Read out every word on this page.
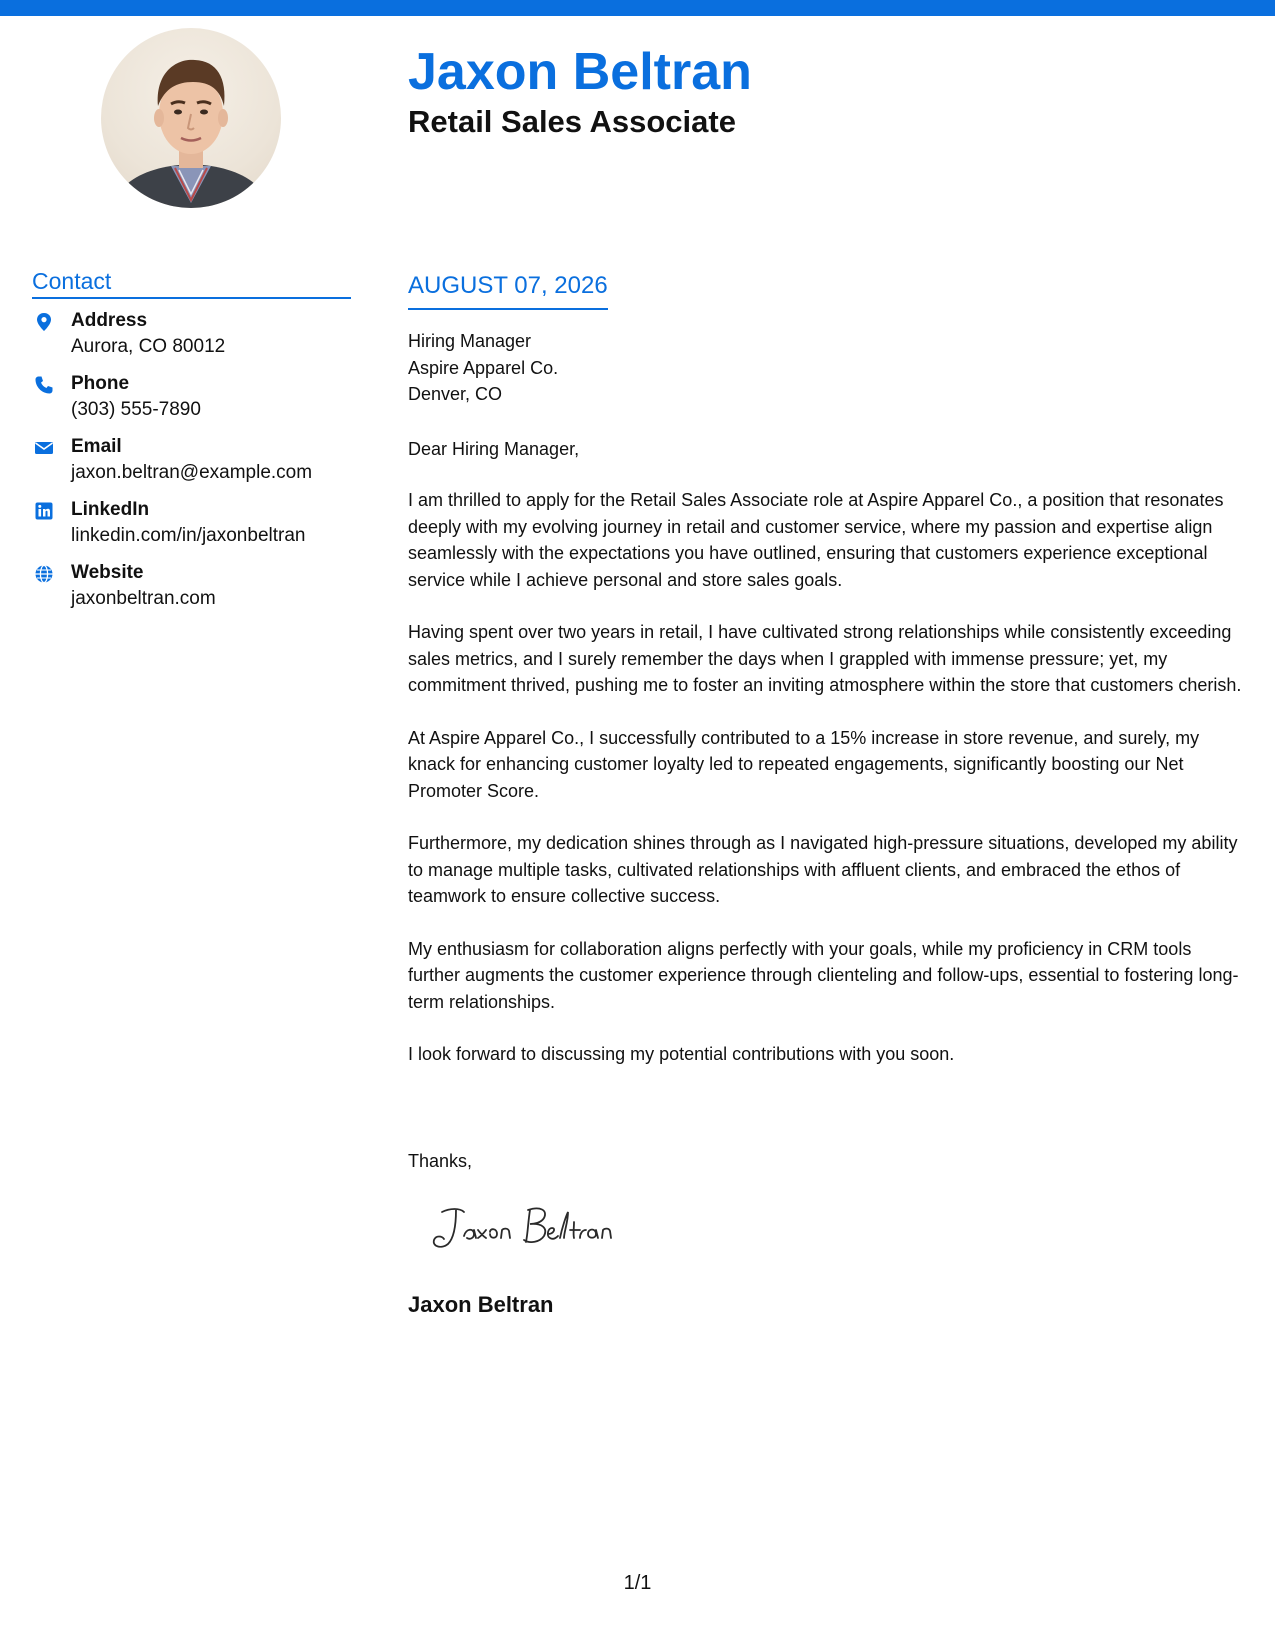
Jaxon Beltran
Retail Sales Associate
Contact
Address
Aurora, CO 80012
Phone
(303) 555-7890
Email
jaxon.beltran@example.com
LinkedIn
linkedin.com/in/jaxonbeltran
Website
jaxonbeltran.com
AUGUST 07, 2026
Hiring Manager
Aspire Apparel Co.
Denver, CO
Dear Hiring Manager,

I am thrilled to apply for the Retail Sales Associate role at Aspire Apparel Co., a position that resonates deeply with my evolving journey in retail and customer service, where my passion and expertise align seamlessly with the expectations you have outlined, ensuring that customers experience exceptional service while I achieve personal and store sales goals.

Having spent over two years in retail, I have cultivated strong relationships while consistently exceeding sales metrics, and I surely remember the days when I grappled with immense pressure; yet, my commitment thrived, pushing me to foster an inviting atmosphere within the store that customers cherish.

At Aspire Apparel Co., I successfully contributed to a 15% increase in store revenue, and surely, my knack for enhancing customer loyalty led to repeated engagements, significantly boosting our Net Promoter Score.

Furthermore, my dedication shines through as I navigated high-pressure situations, developed my ability to manage multiple tasks, cultivated relationships with affluent clients, and embraced the ethos of teamwork to ensure collective success.

My enthusiasm for collaboration aligns perfectly with your goals, while my proficiency in CRM tools further augments the customer experience through clienteling and follow-ups, essential to fostering long-term relationships.

I look forward to discussing my potential contributions with you soon.

Thanks,
Jaxon Beltran
1/1
